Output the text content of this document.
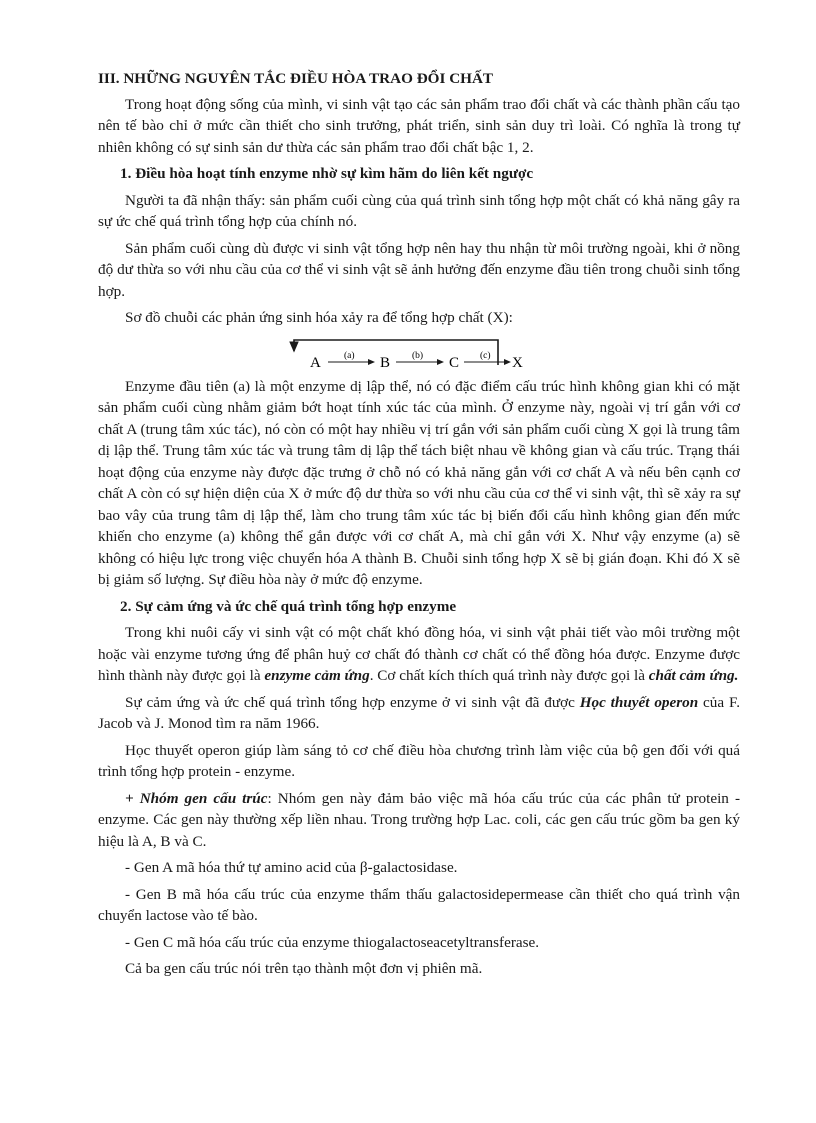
III. NHỮNG NGUYÊN TẮC ĐIỀU HÒA TRAO ĐỔI CHẤT

Trong hoạt động sống của mình, vi sinh vật tạo các sản phẩm trao đổi chất và các thành phần cấu tạo nên tế bào chỉ ở mức cần thiết cho sinh trưởng, phát triển, sinh sản duy trì loài. Có nghĩa là trong tự nhiên không có sự sinh sản dư thừa các sản phẩm trao đổi chất bậc 1, 2.

1. Điều hòa hoạt tính enzyme nhờ sự kìm hãm do liên kết ngược

Người ta đã nhận thấy: sản phẩm cuối cùng của quá trình sinh tổng hợp một chất có khả năng gây ra sự ức chế quá trình tổng hợp của chính nó.

Sản phẩm cuối cùng dù được vi sinh vật tổng hợp nên hay thu nhận từ môi trường ngoài, khi ở nồng độ dư thừa so với nhu cầu của cơ thể vi sinh vật sẽ ảnh hưởng đến enzyme đầu tiên trong chuỗi sinh tổng hợp.

Sơ đồ chuỗi các phản ứng sinh hóa xảy ra để tổng hợp chất (X):

A	B	C	X
(a)	(b)	(c)

Enzyme đầu tiên (a) là một enzyme dị lập thể, nó có đặc điểm cấu trúc hình không gian khi có mặt sản phẩm cuối cùng nhằm giảm bớt hoạt tính xúc tác của mình. Ở enzyme này, ngoài vị trí gắn với cơ chất A (trung tâm xúc tác), nó còn có một hay nhiều vị trí gắn với sản phẩm cuối cùng X gọi là trung tâm dị lập thể. Trung tâm xúc tác và trung tâm dị lập thể tách biệt nhau về không gian và cấu trúc. Trạng thái hoạt động của enzyme này được đặc trưng ở chỗ nó có khả năng gắn với cơ chất A và nếu bên cạnh cơ chất A còn có sự hiện diện của X ở mức độ dư thừa so với nhu cầu của cơ thể vi sinh vật, thì sẽ xảy ra sự bao vây của trung tâm dị lập thể, làm cho trung tâm xúc tác bị biến đổi cấu hình không gian đến mức khiến cho enzyme (a) không thể gắn được với cơ chất A, mà chỉ gắn với X. Như vậy enzyme (a) sẽ không có hiệu lực trong việc chuyển hóa A thành B. Chuỗi sinh tổng hợp X sẽ bị gián đoạn. Khi đó X sẽ bị giảm số lượng. Sự điều hòa này ở mức độ enzyme.

2. Sự cảm ứng và ức chế quá trình tổng hợp enzyme

Trong khi nuôi cấy vi sinh vật có một chất khó đồng hóa, vi sinh vật phải tiết vào môi trường một hoặc vài enzyme tương ứng để phân huỷ cơ chất đó thành cơ chất có thể đồng hóa được. Enzyme được hình thành này được gọi là enzyme cảm ứng. Cơ chất kích thích quá trình này được gọi là chất cảm ứng.

Sự cảm ứng và ức chế quá trình tổng hợp enzyme ở vi sinh vật đã được Học thuyết operon của F. Jacob và J. Monod tìm ra năm 1966.

Học thuyết operon giúp làm sáng tỏ cơ chế điều hòa chương trình làm việc của bộ gen đối với quá trình tổng hợp protein - enzyme.

+ Nhóm gen cấu trúc: Nhóm gen này đảm bảo việc mã hóa cấu trúc của các phân tử protein - enzyme. Các gen này thường xếp liền nhau. Trong trường hợp Lac. coli, các gen cấu trúc gồm ba gen ký hiệu là A, B và C.

- Gen A mã hóa thứ tự amino acid của β-galactosidase.

- Gen B mã hóa cấu trúc của enzyme thẩm thấu galactosidepermease cần thiết cho quá trình vận chuyển lactose vào tế bào.

- Gen C mã hóa cấu trúc của enzyme thiogalactoseacetyltransferase.

Cả ba gen cấu trúc nói trên tạo thành một đơn vị phiên mã.
